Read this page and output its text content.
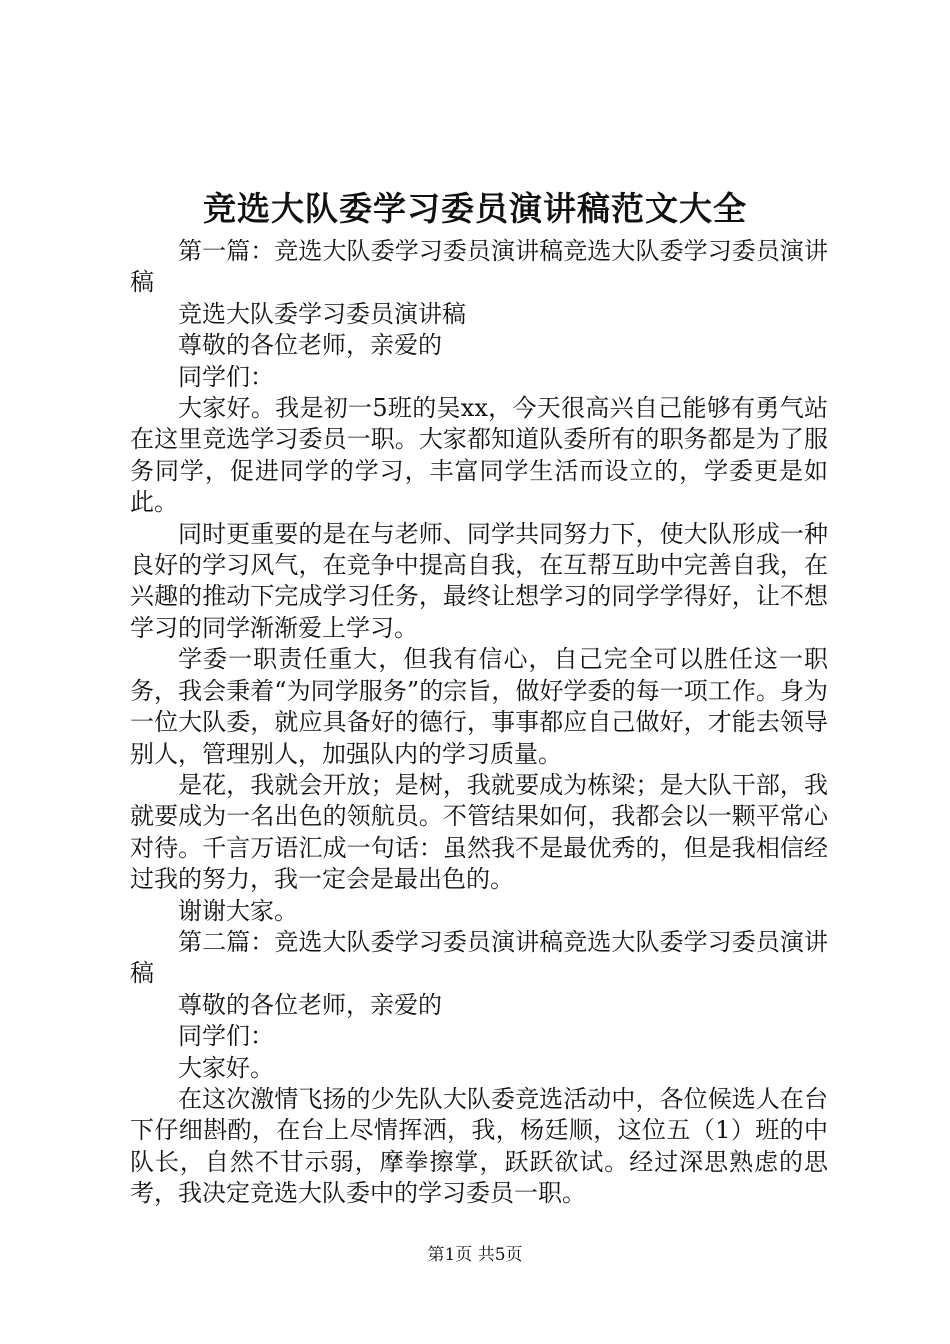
竞选大队委学习委员演讲稿范文大全

第一篇：竞选大队委学习委员演讲稿竞选大队委学习委员演讲稿

竞选大队委学习委员演讲稿

尊敬的各位老师，亲爱的

同学们：

大家好。我是初一5班的吴xx，今天很高兴自己能够有勇气站在这里竞选学习委员一职。大家都知道队委所有的职务都是为了服务同学，促进同学的学习，丰富同学生活而设立的，学委更是如此。

同时更重要的是在与老师、同学共同努力下，使大队形成一种良好的学习风气，在竞争中提高自我，在互帮互助中完善自我，在兴趣的推动下完成学习任务，最终让想学习的同学学得好，让不想学习的同学渐渐爱上学习。

学委一职责任重大，但我有信心，自己完全可以胜任这一职务，我会秉着“为同学服务”的宗旨，做好学委的每一项工作。身为一位大队委，就应具备好的德行，事事都应自己做好，才能去领导别人，管理别人，加强队内的学习质量。

是花，我就会开放；是树，我就要成为栋梁；是大队干部，我就要成为一名出色的领航员。不管结果如何，我都会以一颗平常心对待。千言万语汇成一句话：虽然我不是最优秀的，但是我相信经过我的努力，我一定会是最出色的。

谢谢大家。

第二篇：竞选大队委学习委员演讲稿竞选大队委学习委员演讲稿

尊敬的各位老师，亲爱的

同学们：

大家好。

在这次激情飞扬的少先队大队委竞选活动中，各位候选人在台下仔细斟酌，在台上尽情挥洒，我，杨廷顺，这位五（1）班的中队长，自然不甘示弱，摩拳擦掌，跃跃欲试。经过深思熟虑的思考，我决定竞选大队委中的学习委员一职。

第1页 共5页
